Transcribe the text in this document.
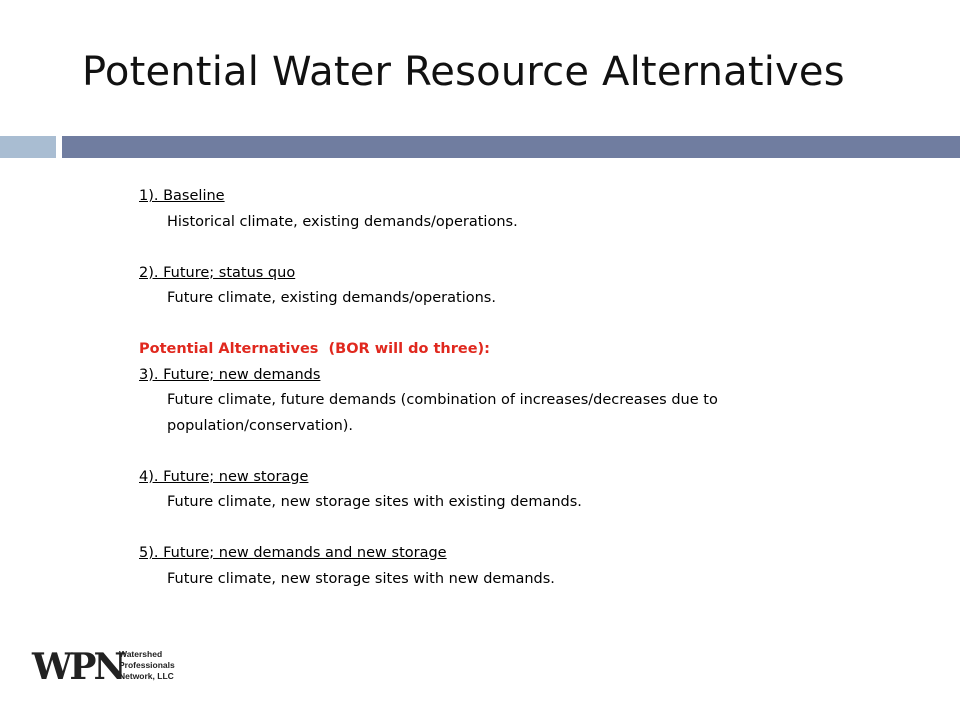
Potential Water Resource Alternatives
1). Baseline
Historical climate, existing demands/operations.
2). Future; status quo
Future climate, existing demands/operations.
Potential Alternatives  (BOR will do three):
3). Future; new demands
Future climate, future demands (combination of increases/decreases due to
population/conservation).
4). Future; new storage
Future climate, new storage sites with existing demands.
5). Future; new demands and new storage
Future climate, new storage sites with new demands.
WPN
Watershed
Professionals
Network, LLC
